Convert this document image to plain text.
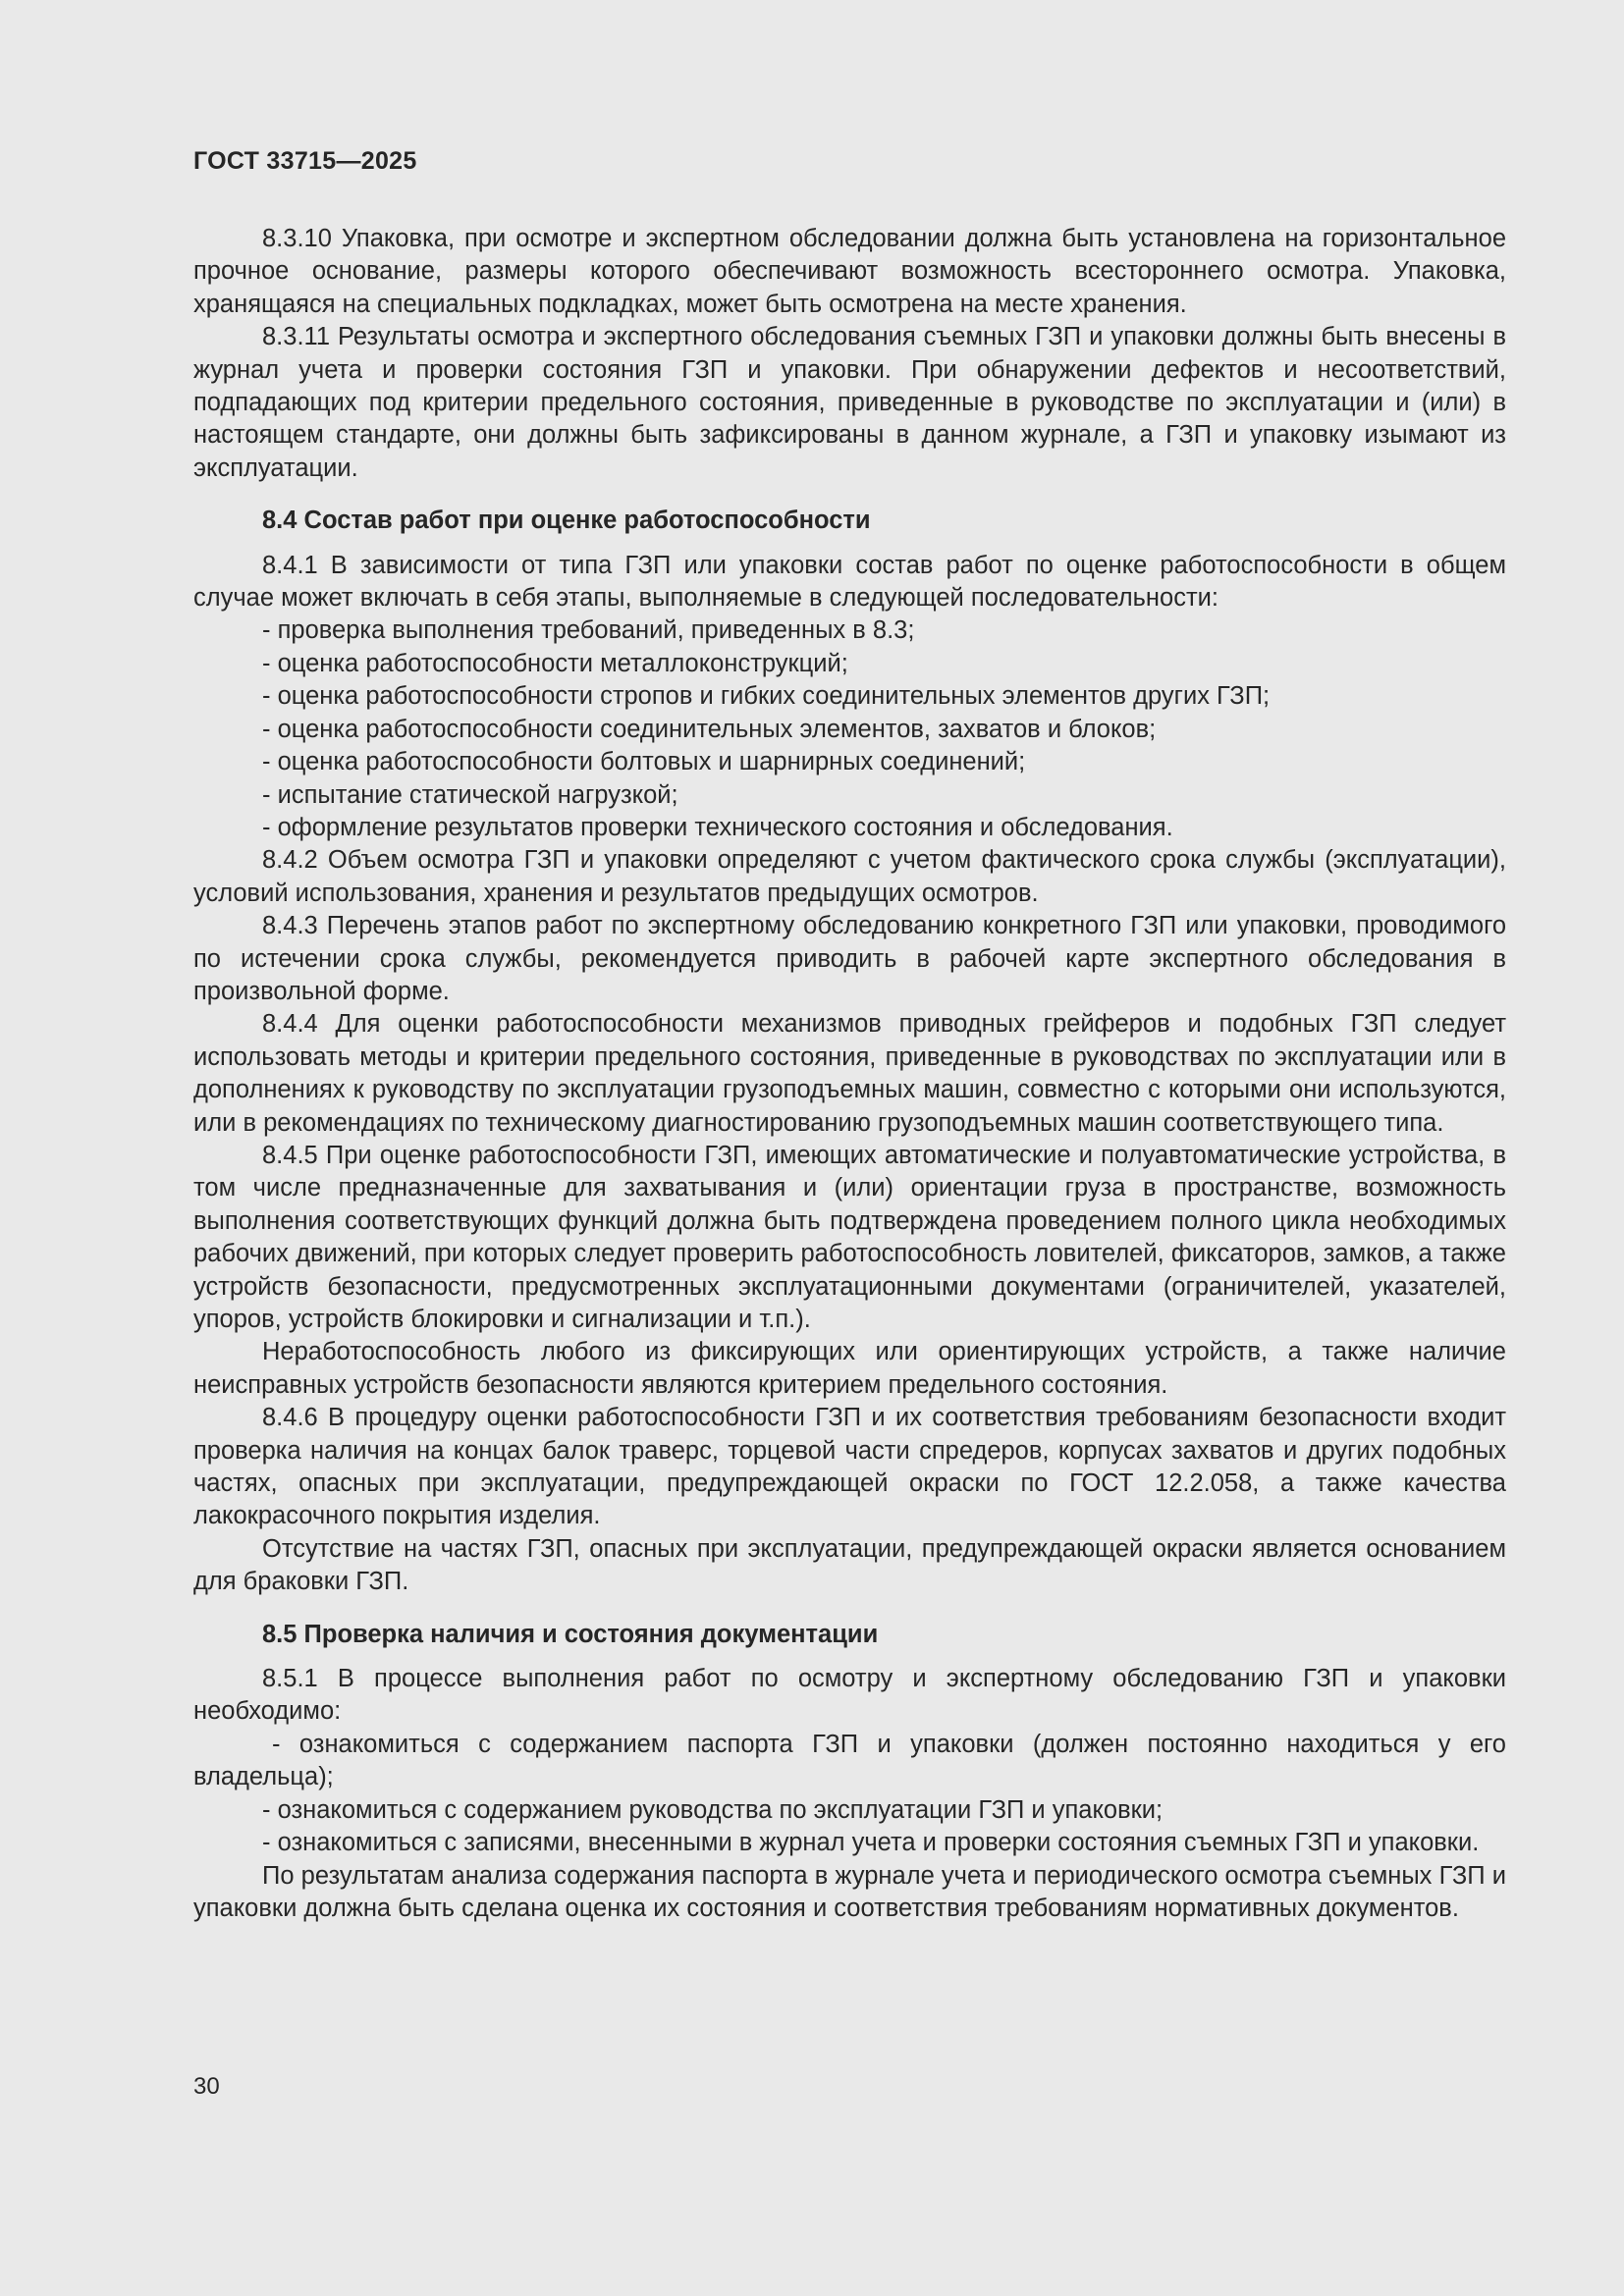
ГОСТ 33715—2025

8.3.10 Упаковка, при осмотре и экспертном обследовании должна быть установлена на горизонтальное прочное основание, размеры которого обеспечивают возможность всестороннего осмотра. Упаковка, хранящаяся на специальных подкладках, может быть осмотрена на месте хранения.

8.3.11 Результаты осмотра и экспертного обследования съемных ГЗП и упаковки должны быть внесены в журнал учета и проверки состояния ГЗП и упаковки. При обнаружении дефектов и несоответствий, подпадающих под критерии предельного состояния, приведенные в руководстве по эксплуатации и (или) в настоящем стандарте, они должны быть зафиксированы в данном журнале, а ГЗП и упаковку изымают из эксплуатации.

8.4 Состав работ при оценке работоспособности

8.4.1 В зависимости от типа ГЗП или упаковки состав работ по оценке работоспособности в общем случае может включать в себя этапы, выполняемые в следующей последовательности:

- проверка выполнения требований, приведенных в 8.3;

- оценка работоспособности металлоконструкций;

- оценка работоспособности стропов и гибких соединительных элементов других ГЗП;

- оценка работоспособности соединительных элементов, захватов и блоков;

- оценка работоспособности болтовых и шарнирных соединений;

- испытание статической нагрузкой;

- оформление результатов проверки технического состояния и обследования.

8.4.2 Объем осмотра ГЗП и упаковки определяют с учетом фактического срока службы (эксплуатации), условий использования, хранения и результатов предыдущих осмотров.

8.4.3 Перечень этапов работ по экспертному обследованию конкретного ГЗП или упаковки, проводимого по истечении срока службы, рекомендуется приводить в рабочей карте экспертного обследования в произвольной форме.

8.4.4 Для оценки работоспособности механизмов приводных грейферов и подобных ГЗП следует использовать методы и критерии предельного состояния, приведенные в руководствах по эксплуатации или в дополнениях к руководству по эксплуатации грузоподъемных машин, совместно с которыми они используются, или в рекомендациях по техническому диагностированию грузоподъемных машин соответствующего типа.

8.4.5 При оценке работоспособности ГЗП, имеющих автоматические и полуавтоматические устройства, в том числе предназначенные для захватывания и (или) ориентации груза в пространстве, возможность выполнения соответствующих функций должна быть подтверждена проведением полного цикла необходимых рабочих движений, при которых следует проверить работоспособность ловителей, фиксаторов, замков, а также устройств безопасности, предусмотренных эксплуатационными документами (ограничителей, указателей, упоров, устройств блокировки и сигнализации и т.п.).

Неработоспособность любого из фиксирующих или ориентирующих устройств, а также наличие неисправных устройств безопасности являются критерием предельного состояния.

8.4.6 В процедуру оценки работоспособности ГЗП и их соответствия требованиям безопасности входит проверка наличия на концах балок траверс, торцевой части спредеров, корпусах захватов и других подобных частях, опасных при эксплуатации, предупреждающей окраски по ГОСТ 12.2.058, а также качества лакокрасочного покрытия изделия.

Отсутствие на частях ГЗП, опасных при эксплуатации, предупреждающей окраски является основанием для браковки ГЗП.

8.5 Проверка наличия и состояния документации

8.5.1 В процессе выполнения работ по осмотру и экспертному обследованию ГЗП и упаковки необходимо:

- ознакомиться с содержанием паспорта ГЗП и упаковки (должен постоянно находиться у его владельца);

- ознакомиться с содержанием руководства по эксплуатации ГЗП и упаковки;

- ознакомиться с записями, внесенными в журнал учета и проверки состояния съемных ГЗП и упаковки.

По результатам анализа содержания паспорта в журнале учета и периодического осмотра съемных ГЗП и упаковки должна быть сделана оценка их состояния и соответствия требованиям нормативных документов.

30
